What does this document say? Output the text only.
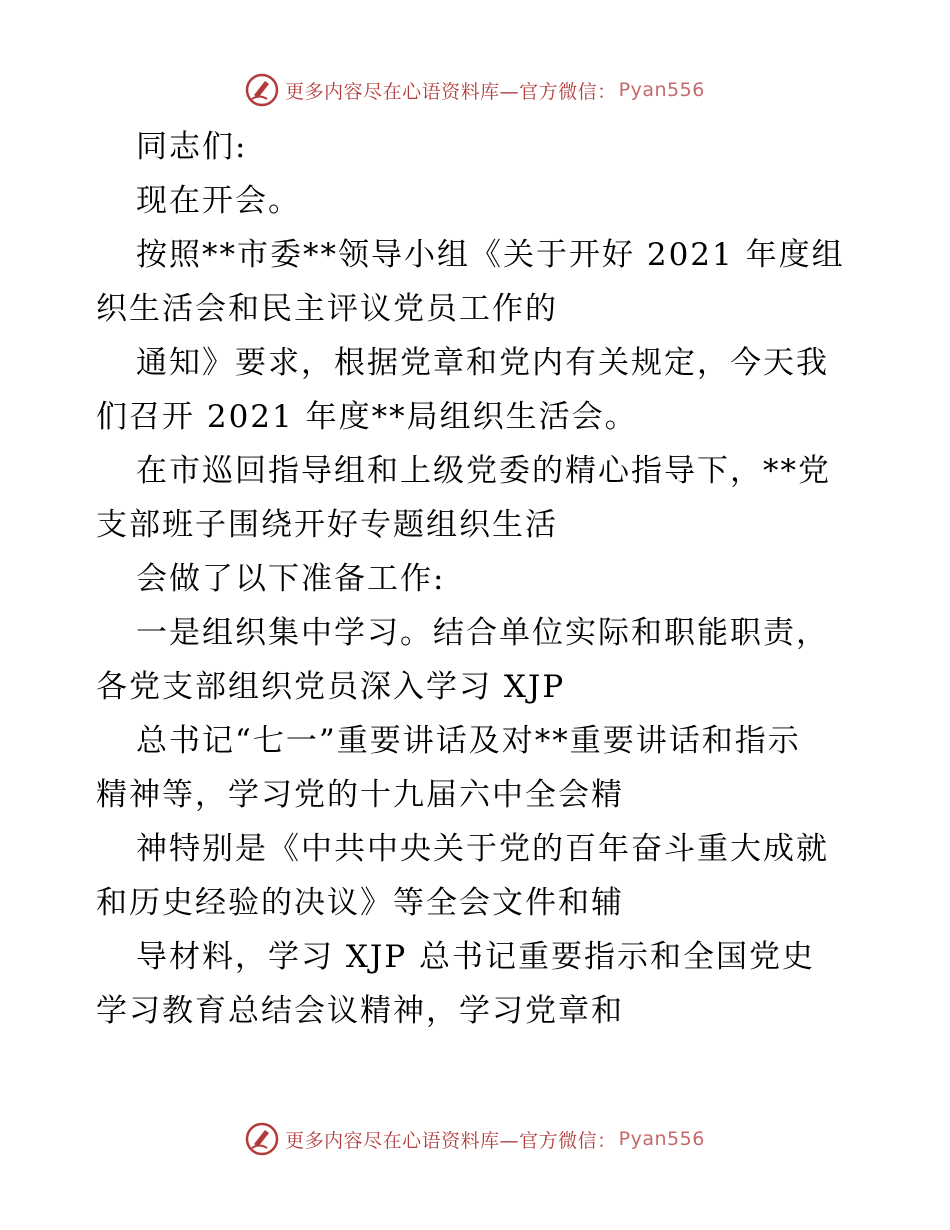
更多内容尽在心语资料库—官方微信： Pyan556
同志们:
现在开会。
按照**市委**领导小组《关于开好 2021 年度组
织生活会和民主评议党员工作的
通知》要求，根据党章和党内有关规定，今天我
们召开 2021 年度**局组织生活会。
在市巡回指导组和上级党委的精心指导下，**党
支部班子围绕开好专题组织生活
会做了以下准备工作:
一是组织集中学习。结合单位实际和职能职责，
各党支部组织党员深入学习 XJP
总书记“七一”重要讲话及对**重要讲话和指示
精神等，学习党的十九届六中全会精
神特别是《中共中央关于党的百年奋斗重大成就
和历史经验的决议》等全会文件和辅
导材料，学习 XJP 总书记重要指示和全国党史
学习教育总结会议精神，学习党章和
更多内容尽在心语资料库—官方微信： Pyan556
